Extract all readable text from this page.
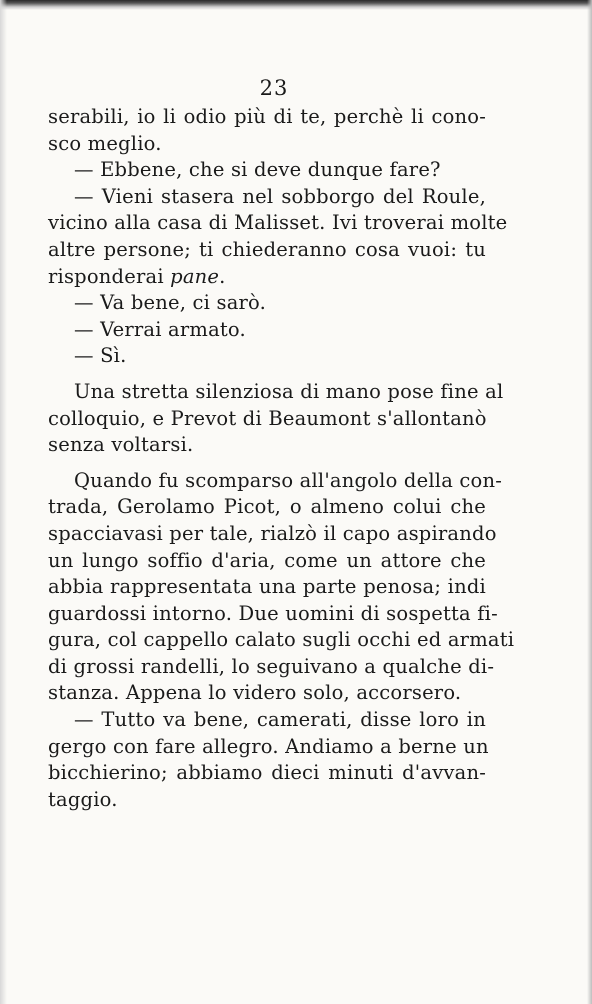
23
serabili, io li odio più di te, perchè li cono-
sco meglio.
— Ebbene, che si deve dunque fare?
— Vieni stasera nel sobborgo del Roule,
vicino alla casa di Malisset. Ivi troverai molte
altre persone; ti chiederanno cosa vuoi: tu
risponderai pane.
— Va bene, ci sarò.
— Verrai armato.
— Sì.
Una stretta silenziosa di mano pose fine al
colloquio, e Prevot di Beaumont s'allontanò
senza voltarsi.
Quando fu scomparso all'angolo della con-
trada, Gerolamo Picot, o almeno colui che
spacciavasi per tale, rialzò il capo aspirando
un lungo soffio d'aria, come un attore che
abbia rappresentata una parte penosa; indi
guardossi intorno. Due uomini di sospetta fi-
gura, col cappello calato sugli occhi ed armati
di grossi randelli, lo seguivano a qualche di-
stanza. Appena lo videro solo, accorsero.
— Tutto va bene, camerati, disse loro in
gergo con fare allegro. Andiamo a berne un
bicchierino; abbiamo dieci minuti d'avvan-
taggio.
